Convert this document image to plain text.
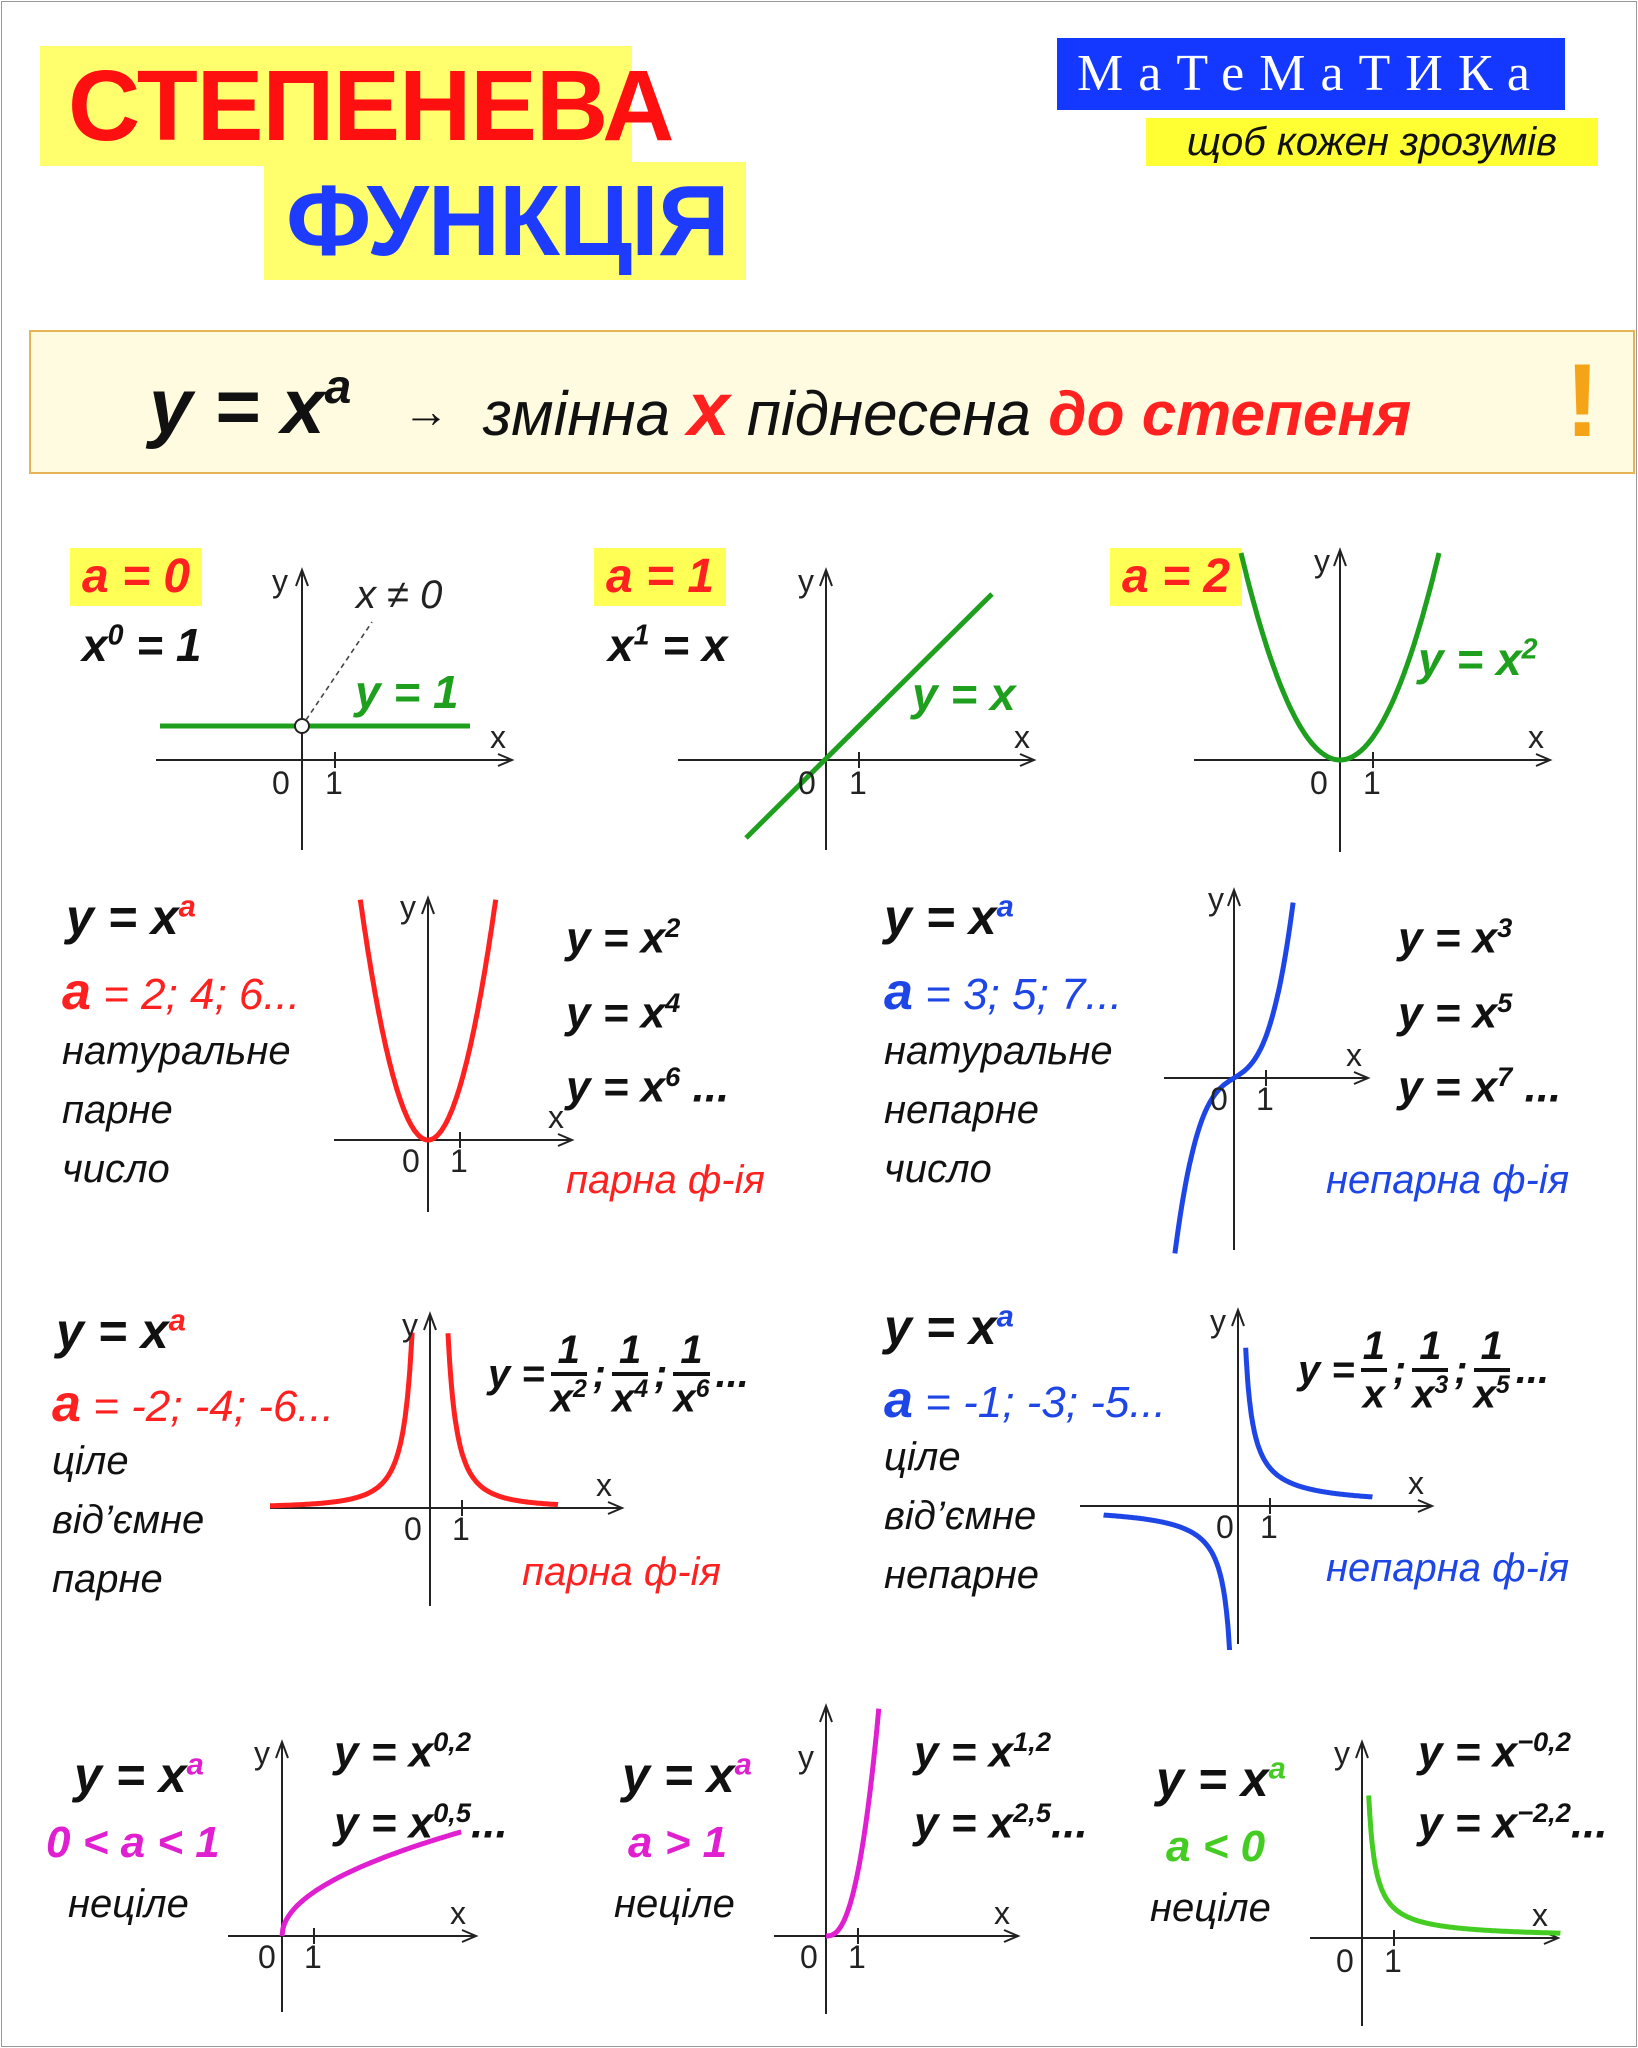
СТЕПЕНЕВА
ФУНКЦІЯ
МаТеМаТИКа
щоб кожен зрозумів
$y = x^a$ → змінна x піднесена до степеня !
a = 0
$x^0 = 1$
0 1
x
y x ≠ 0
y = 1
a = 1
$x^1 = x$
0 1
x
y
y = x
a = 2
0 1
x
y
$y = x^2$
$y = x^a$
a = 2; 4; 6...
натуральне
парне
число	0 1
x
y
$y = x^2$
$y = x^4$
$y = x^6$ ...
парна ф-ія
$y = x^a$
a = 3; 5; 7...
натуральне
непарне
число
0 1
x
y
$y = x^3$
$y = x^5$
$y = x^7$ ...
непарна ф-ія
$y = x^a$
a = -2; -4; -6...
ціле
від’ємне
парне
0 1
x
y
$y = \frac{1}{x^2}$ ; $\frac{1}{x^4}$ ; $\frac{1}{x^6}$ ...
парна ф-ія
$y = x^a$
a = -1; -3; -5...
ціле
від’ємне
непарне
0 1
x
y
$y = \frac{1}{x}$ ; $\frac{1}{x^3}$ ; $\frac{1}{x^5}$ ...
непарна ф-ія
$y = x^a$
0 < a < 1
неціле
0 1
x
y $y = x^{0,2}$
$y = x^{0,5}$...
$y = x^a$
a > 1
неціле
0 1
x
y $y = x^{1,2}$
$y = x^{2,5}$...
$y = x^a$
a < 0
неціле
0 1
x
y $y = x^{-0,2}$
$y = x^{-2,2}$...
